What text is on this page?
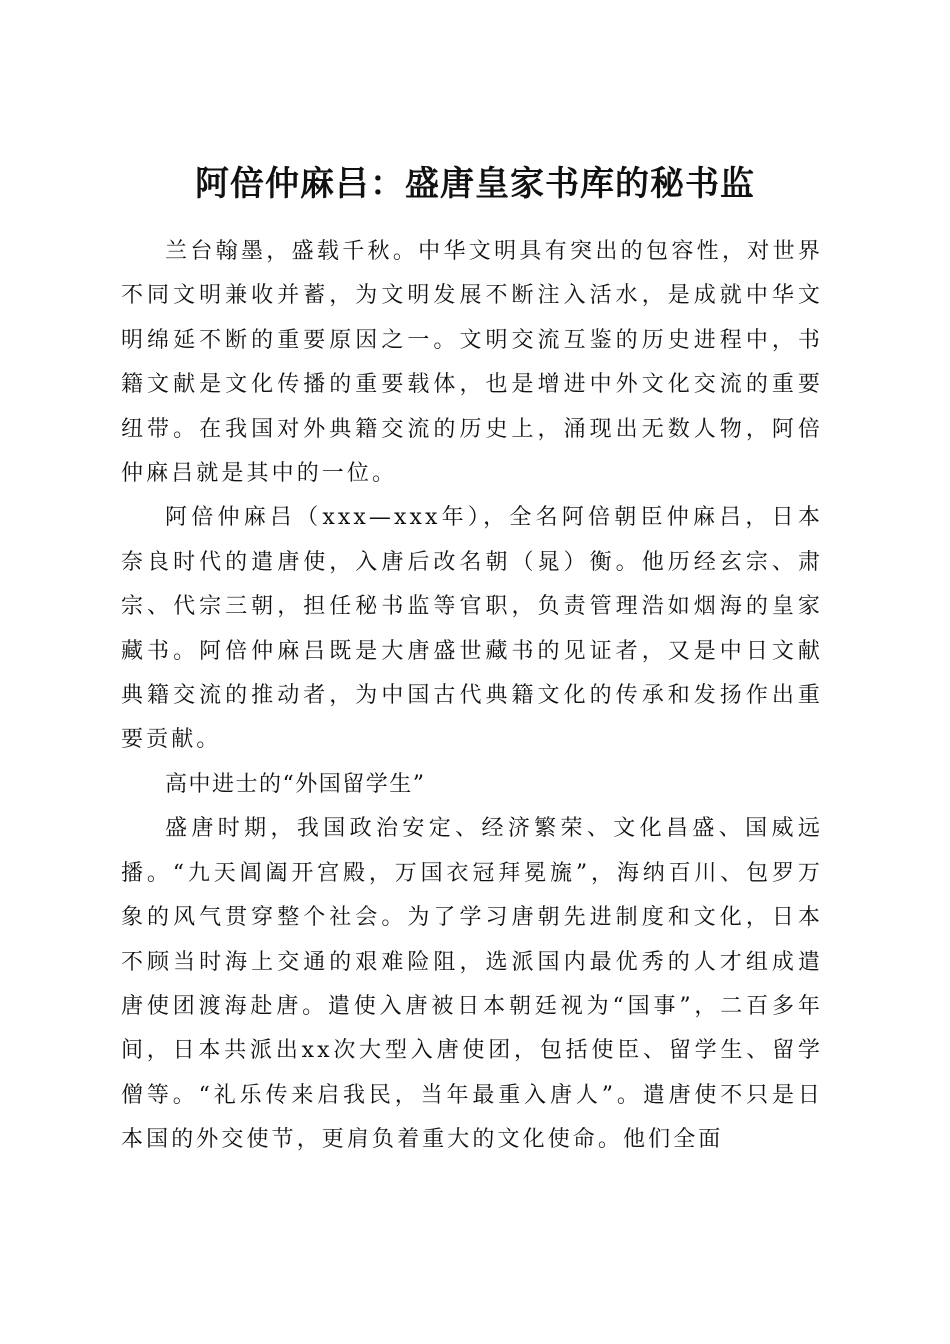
阿倍仲麻吕：盛唐皇家书库的秘书监

兰台翰墨，盛载千秋。中华文明具有突出的包容性，对世界不同文明兼收并蓄，为文明发展不断注入活水，是成就中华文明绵延不断的重要原因之一。文明交流互鉴的历史进程中，书籍文献是文化传播的重要载体，也是增进中外文化交流的重要纽带。在我国对外典籍交流的历史上，涌现出无数人物，阿倍仲麻吕就是其中的一位。

阿倍仲麻吕（xxx—xxx年），全名阿倍朝臣仲麻吕，日本奈良时代的遣唐使，入唐后改名朝（晁）衡。他历经玄宗、肃宗、代宗三朝，担任秘书监等官职，负责管理浩如烟海的皇家藏书。阿倍仲麻吕既是大唐盛世藏书的见证者，又是中日文献典籍交流的推动者，为中国古代典籍文化的传承和发扬作出重要贡献。

高中进士的“外国留学生”

盛唐时期，我国政治安定、经济繁荣、文化昌盛、国威远播。“九天阊阖开宫殿，万国衣冠拜冕旒”，海纳百川、包罗万象的风气贯穿整个社会。为了学习唐朝先进制度和文化，日本不顾当时海上交通的艰难险阻，选派国内最优秀的人才组成遣唐使团渡海赴唐。遣使入唐被日本朝廷视为“国事”，二百多年间，日本共派出xx次大型入唐使团，包括使臣、留学生、留学僧等。“礼乐传来启我民，当年最重入唐人”。遣唐使不只是日本国的外交使节，更肩负着重大的文化使命。他们全面
